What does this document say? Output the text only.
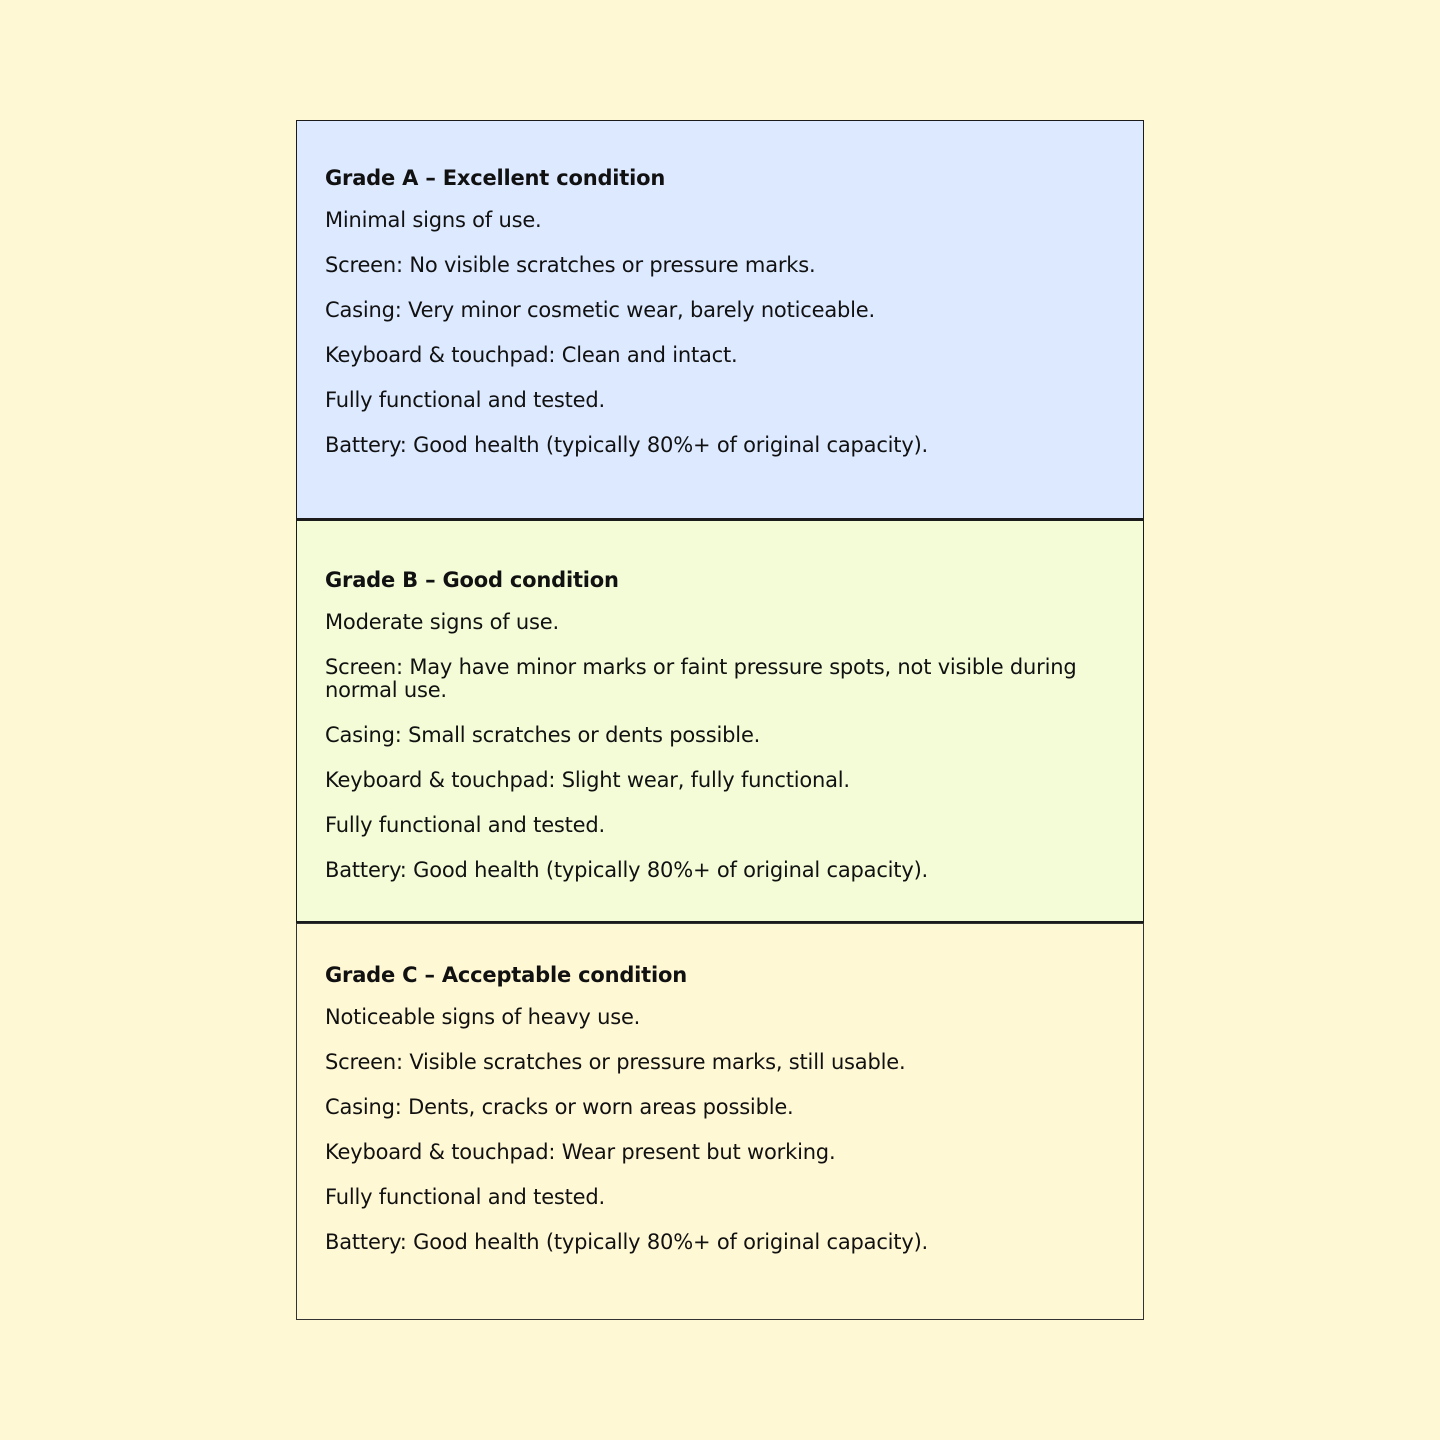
Grade A – Excellent condition
Minimal signs of use.
Screen: No visible scratches or pressure marks.
Casing: Very minor cosmetic wear, barely noticeable.
Keyboard & touchpad: Clean and intact.
Fully functional and tested.
Battery: Good health (typically 80%+ of original capacity).
Grade B – Good condition
Moderate signs of use.
Screen: May have minor marks or faint pressure spots, not visible during normal use.
Casing: Small scratches or dents possible.
Keyboard & touchpad: Slight wear, fully functional.
Fully functional and tested.
Battery: Good health (typically 80%+ of original capacity).
Grade C – Acceptable condition
Noticeable signs of heavy use.
Screen: Visible scratches or pressure marks, still usable.
Casing: Dents, cracks or worn areas possible.
Keyboard & touchpad: Wear present but working.
Fully functional and tested.
Battery: Good health (typically 80%+ of original capacity).
